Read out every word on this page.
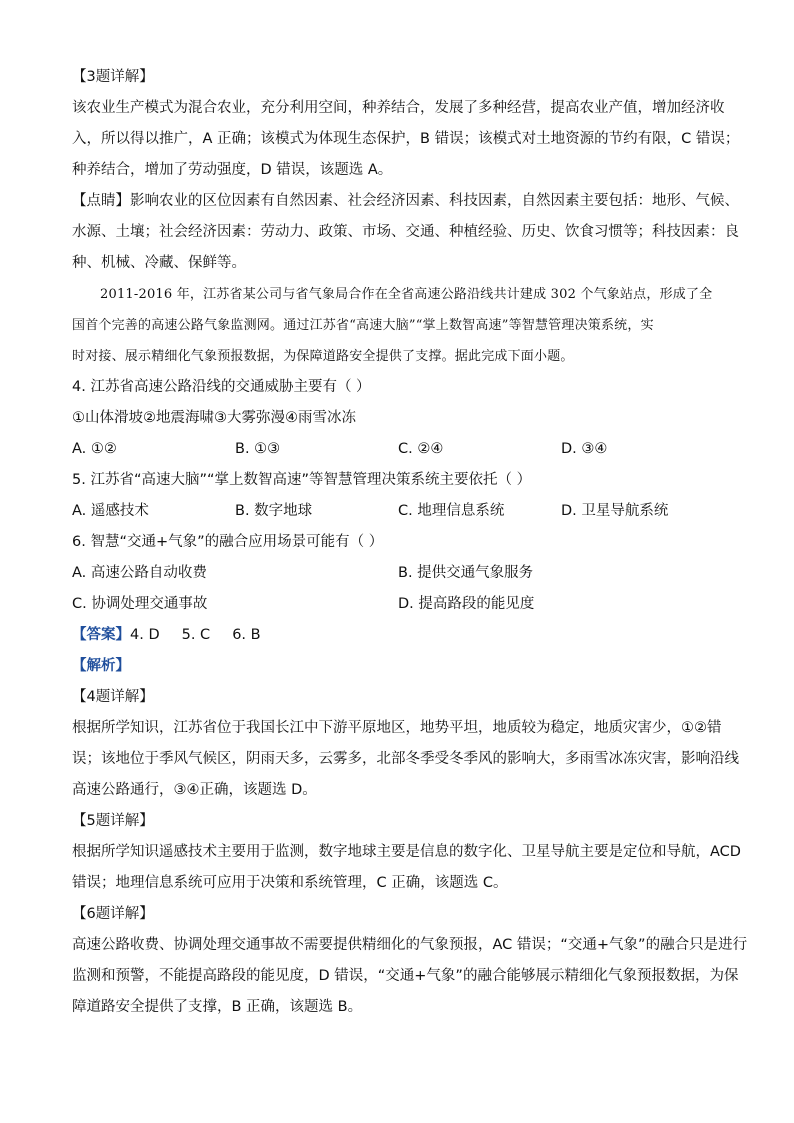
【3题详解】
该农业生产模式为混合农业，充分利用空间，种养结合，发展了多种经营，提高农业产值，增加经济收
入，所以得以推广，A 正确；该模式为体现生态保护，B 错误；该模式对土地资源的节约有限，C 错误；
种养结合，增加了劳动强度，D 错误，该题选 A。
【点睛】影响农业的区位因素有自然因素、社会经济因素、科技因素，自然因素主要包括：地形、气候、
水源、土壤；社会经济因素：劳动力、政策、市场、交通、种植经验、历史、饮食习惯等；科技因素：良
种、机械、冷藏、保鲜等。
2011-2016 年，江苏省某公司与省气象局合作在全省高速公路沿线共计建成 302 个气象站点，形成了全
国首个完善的高速公路气象监测网。通过江苏省“高速大脑”“掌上数智高速”等智慧管理决策系统，实
时对接、展示精细化气象预报数据，为保障道路安全提供了支撑。据此完成下面小题。
4. 江苏省高速公路沿线的交通威胁主要有（ ）
①山体滑坡②地震海啸③大雾弥漫④雨雪冰冻
A. ①②	B. ①③	C. ②④	D. ③④
5. 江苏省“高速大脑”“掌上数智高速”等智慧管理决策系统主要依托（ ）
A. 遥感技术	B. 数字地球	C. 地理信息系统	D. 卫星导航系统
6. 智慧“交通+气象”的融合应用场景可能有（ ）
A. 高速公路自动收费	B. 提供交通气象服务
C. 协调处理交通事故	D. 提高路段的能见度
【答案】4. D 5. C 6. B
【解析】
【4题详解】
根据所学知识，江苏省位于我国长江中下游平原地区，地势平坦，地质较为稳定，地质灾害少，①②错
误；该地位于季风气候区，阴雨天多，云雾多，北部冬季受冬季风的影响大，多雨雪冰冻灾害，影响沿线
高速公路通行，③④正确，该题选 D。
【5题详解】
根据所学知识遥感技术主要用于监测，数字地球主要是信息的数字化、卫星导航主要是定位和导航，ACD
错误；地理信息系统可应用于决策和系统管理，C 正确，该题选 C。
【6题详解】
高速公路收费、协调处理交通事故不需要提供精细化的气象预报，AC 错误；“交通+气象”的融合只是进行
监测和预警，不能提高路段的能见度，D 错误，“交通+气象”的融合能够展示精细化气象预报数据，为保
障道路安全提供了支撑，B 正确，该题选 B。
